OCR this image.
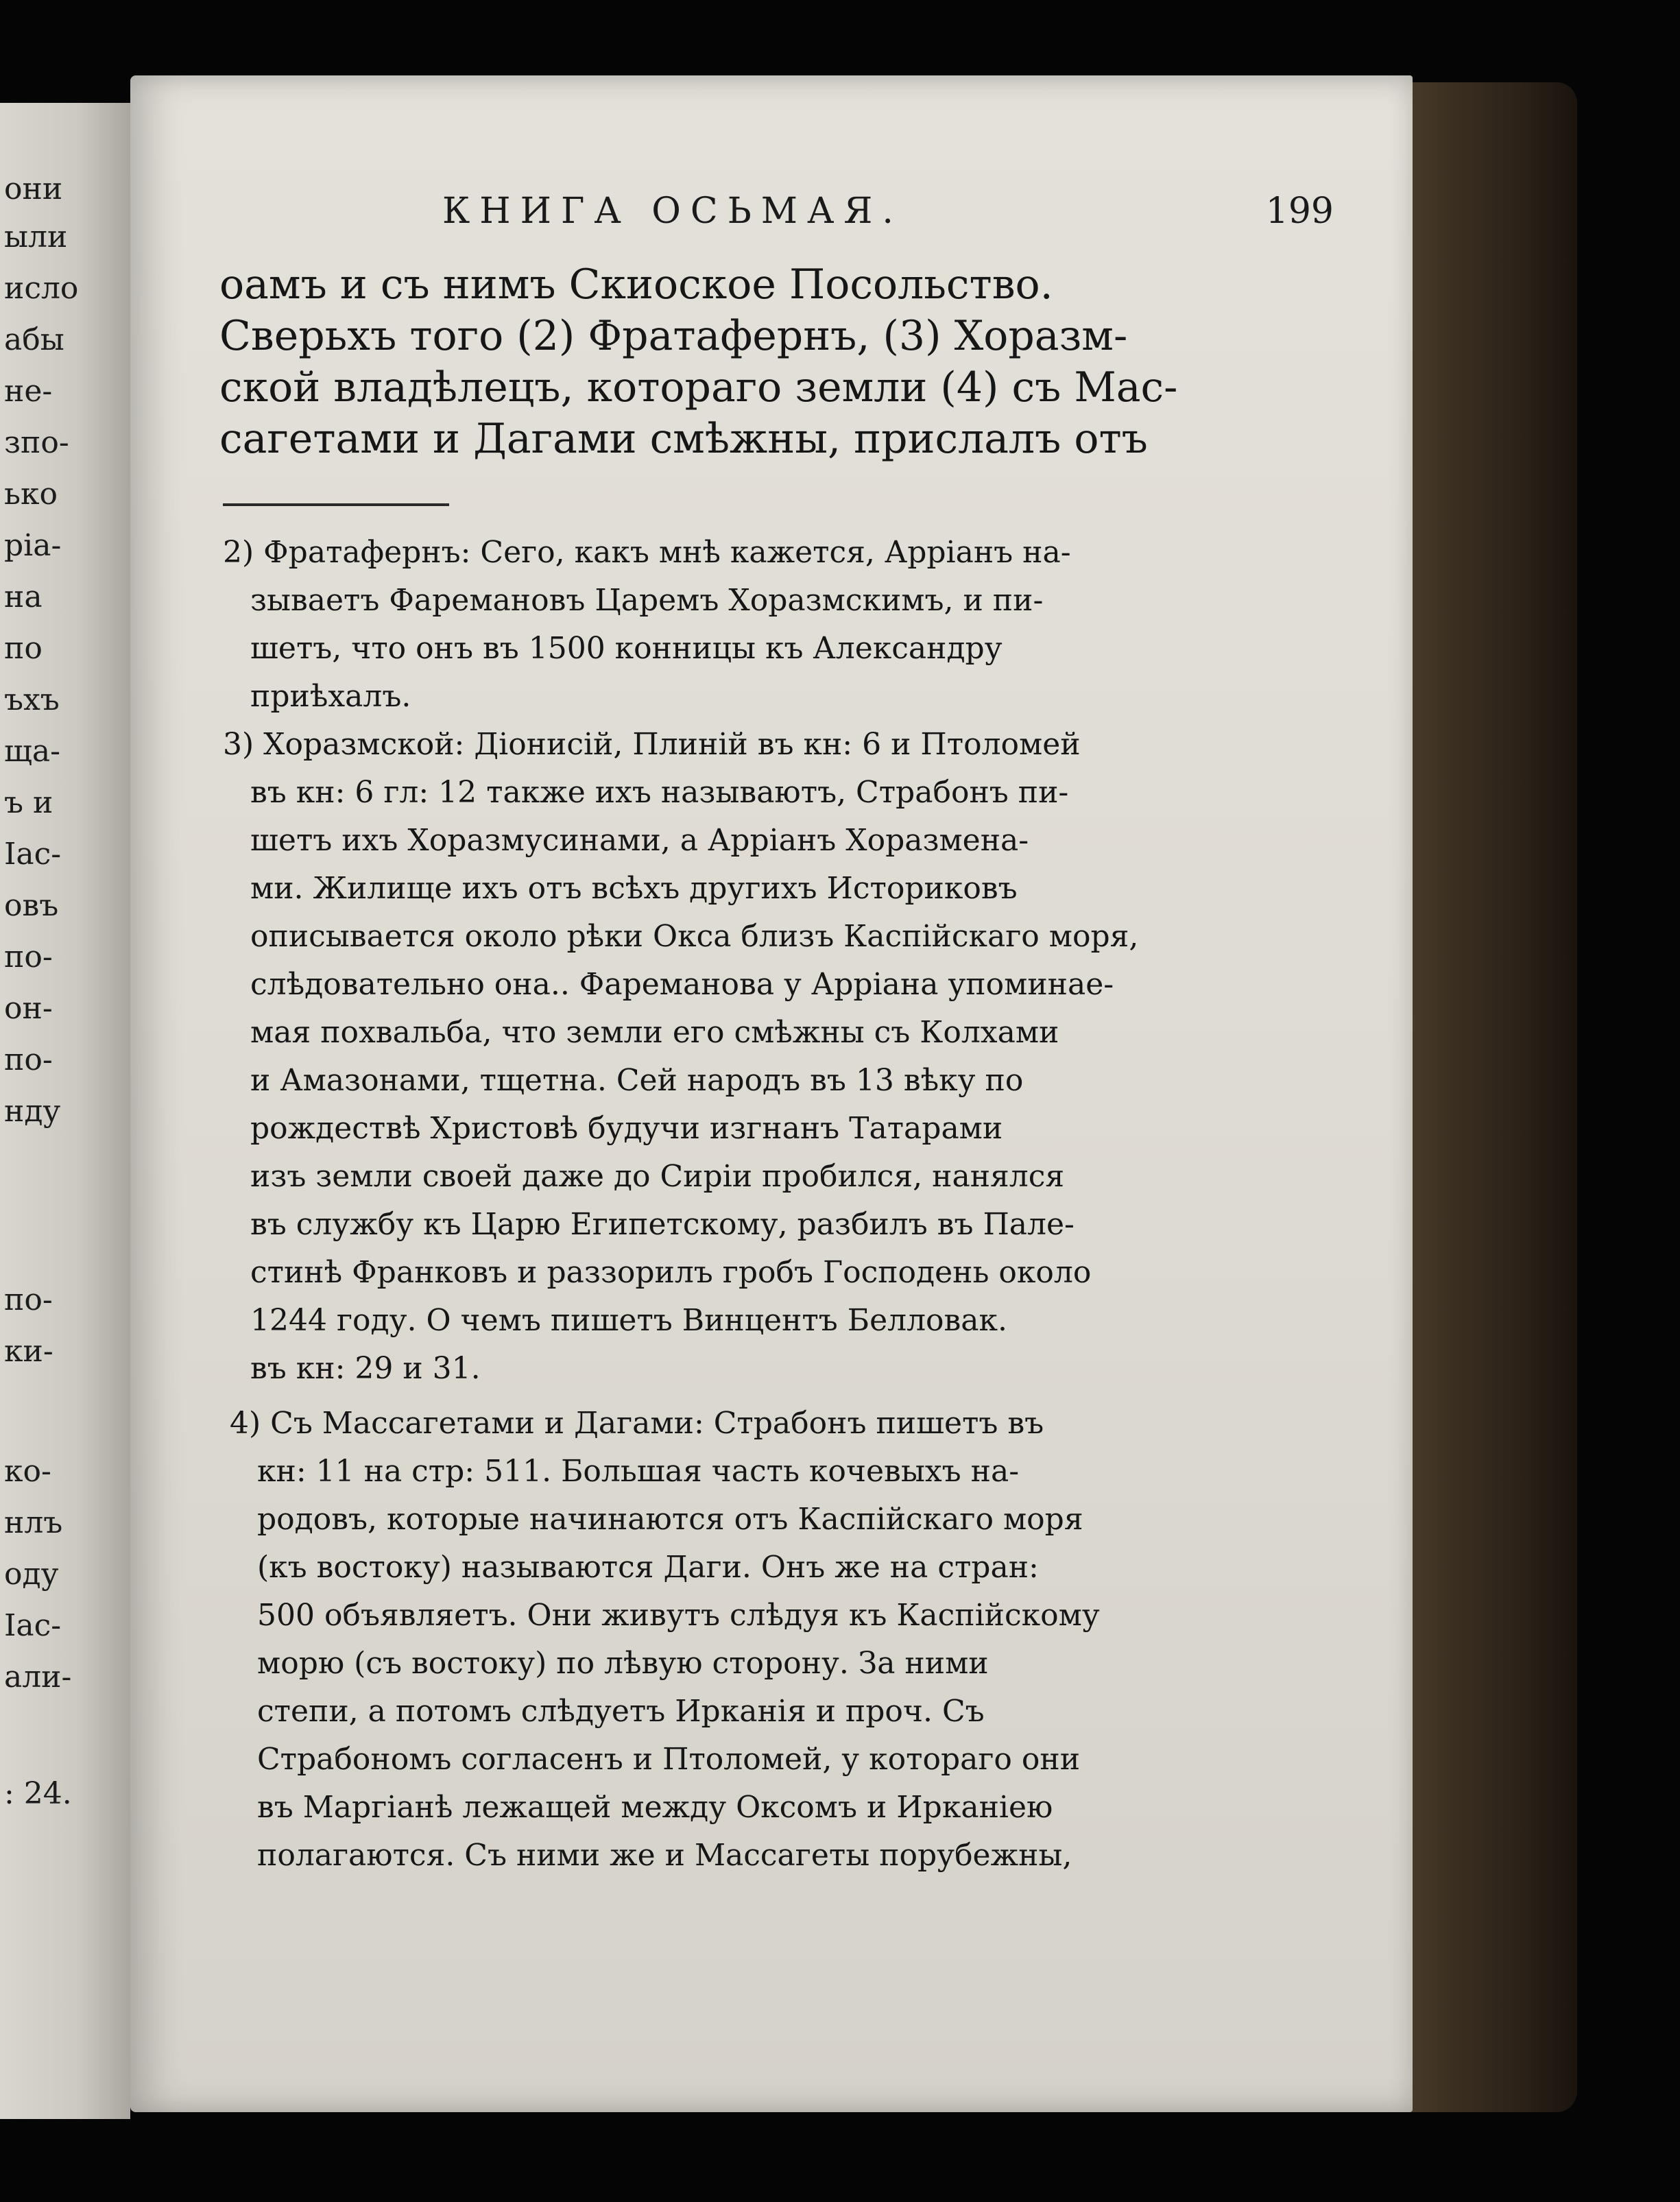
они
ыли
исло
абы
не-
зпо-
ько
ріа-
на
по
ъхъ
ща-
ъ и
Іас-
овъ
по-
он-
по-
нду
по-
ки-
ко-
нлъ
оду
Іас-
али-
: 24.
КНИГА ОСЬМАЯ.	199
оамъ и съ нимъ Скиоское Посольство.
Сверьхъ того (2) Фратафернъ, (3) Хоразм-
ской владѣлецъ, котораго земли (4) съ Мас-
сагетами и Дагами смѣжны, прислалъ отъ
2) Фратафернъ: Сего, какъ мнѣ кажется, Арріанъ на-
зываетъ Фаремановъ Царемъ Хоразмскимъ, и пи-
шетъ, что онъ въ 1500 конницы къ Александру
приѣхалъ.
3) Хоразмской: Діонисій, Плиній въ кн: 6 и Птоломей
въ кн: 6 гл: 12 также ихъ называютъ, Страбонъ пи-
шетъ ихъ Хоразмусинами, а Арріанъ Хоразмена-
ми. Жилище ихъ отъ всѣхъ другихъ Историковъ
описывается около рѣки Окса близъ Каспійскаго моря,
слѣдовательно она.. Фареманова у Арріана упоминае-
мая похвальба, что земли его смѣжны съ Колхами
и Амазонами, тщетна. Сей народъ въ 13 вѣку по
рождествѣ Христовѣ будучи изгнанъ Татарами
изъ земли своей даже до Сиріи пробился, нанялся
въ службу къ Царю Египетскому, разбилъ въ Пале-
стинѣ Франковъ и раззорилъ гробъ Господень около
1244 году. О чемъ пишетъ Винцентъ Белловак.
въ кн: 29 и 31.
4) Съ Массагетами и Дагами: Страбонъ пишетъ въ
кн: 11 на стр: 511. Большая часть кочевыхъ на-
родовъ, которые начинаются отъ Каспійскаго моря
(къ востоку) называются Даги. Онъ же на стран:
500 объявляетъ. Они живутъ слѣдуя къ Каспійскому
морю (съ востоку) по лѣвую сторону. За ними
степи, а потомъ слѣдуетъ Ирканія и проч. Съ
Страбономъ согласенъ и Птоломей, у котораго они
въ Маргіанѣ лежащей между Оксомъ и Ирканіею
полагаются. Съ ними же и Массагеты порубежны,
